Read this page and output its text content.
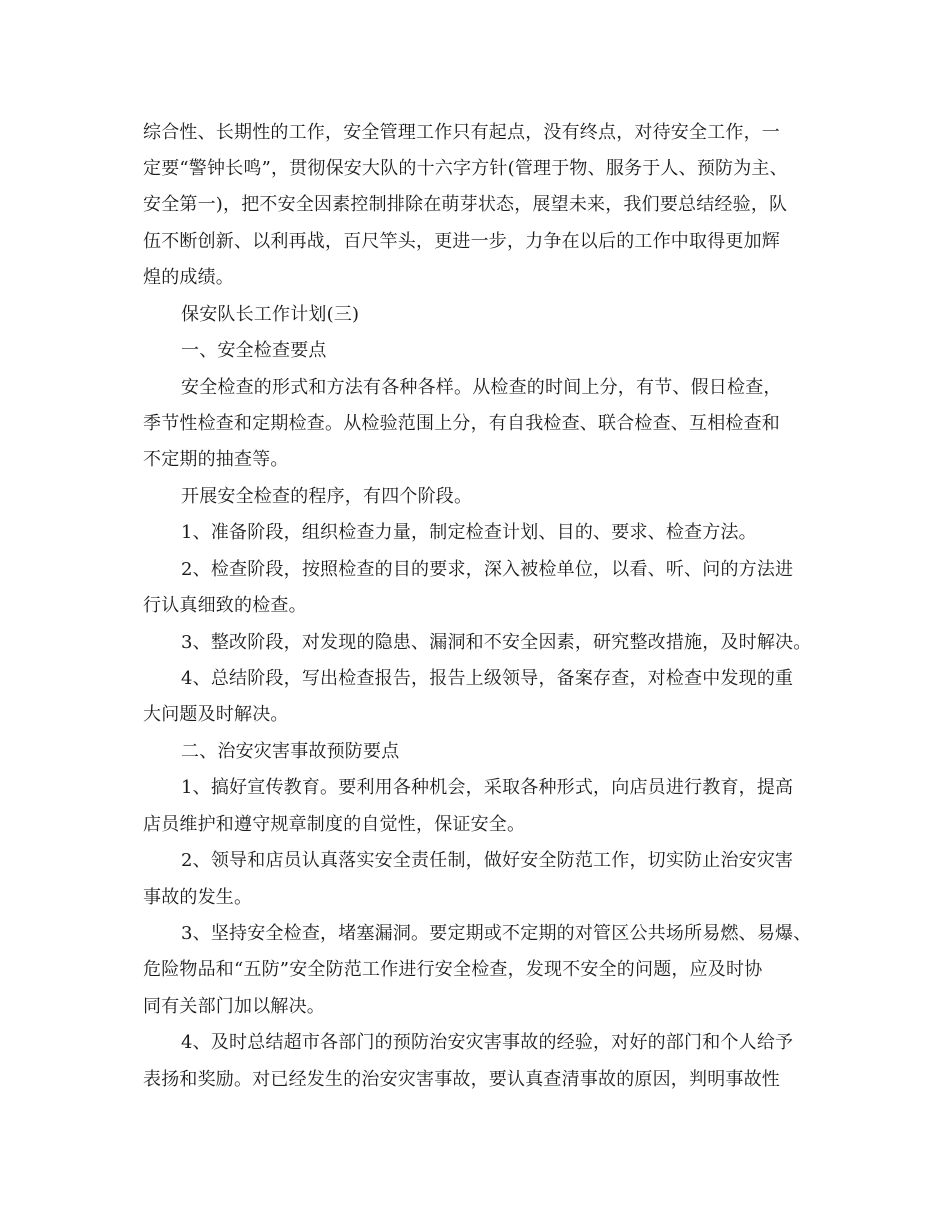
综合性、长期性的工作，安全管理工作只有起点，没有终点，对待安全工作，一
定要“警钟长鸣”，贯彻保安大队的十六字方针(管理于物、服务于人、预防为主、
安全第一)，把不安全因素控制排除在萌芽状态，展望未来，我们要总结经验，队
伍不断创新、以利再战，百尺竿头，更进一步，力争在以后的工作中取得更加辉
煌的成绩。
保安队长工作计划(三)
一、安全检查要点
安全检查的形式和方法有各种各样。从检查的时间上分，有节、假日检查，
季节性检查和定期检查。从检验范围上分，有自我检查、联合检查、互相检查和
不定期的抽查等。
开展安全检查的程序，有四个阶段。
1、准备阶段，组织检查力量，制定检查计划、目的、要求、检查方法。
2、检查阶段，按照检查的目的要求，深入被检单位，以看、听、问的方法进
行认真细致的检查。
3、整改阶段，对发现的隐患、漏洞和不安全因素，研究整改措施，及时解决。
4、总结阶段，写出检查报告，报告上级领导，备案存查，对检查中发现的重
大问题及时解决。
二、治安灾害事故预防要点
1、搞好宣传教育。要利用各种机会，采取各种形式，向店员进行教育，提高
店员维护和遵守规章制度的自觉性，保证安全。
2、领导和店员认真落实安全责任制，做好安全防范工作，切实防止治安灾害
事故的发生。
3、坚持安全检查，堵塞漏洞。要定期或不定期的对管区公共场所易燃、易爆、
危险物品和“五防”安全防范工作进行安全检查，发现不安全的问题，应及时协
同有关部门加以解决。
4、及时总结超市各部门的预防治安灾害事故的经验，对好的部门和个人给予
表扬和奖励。对已经发生的治安灾害事故，要认真查清事故的原因，判明事故性
